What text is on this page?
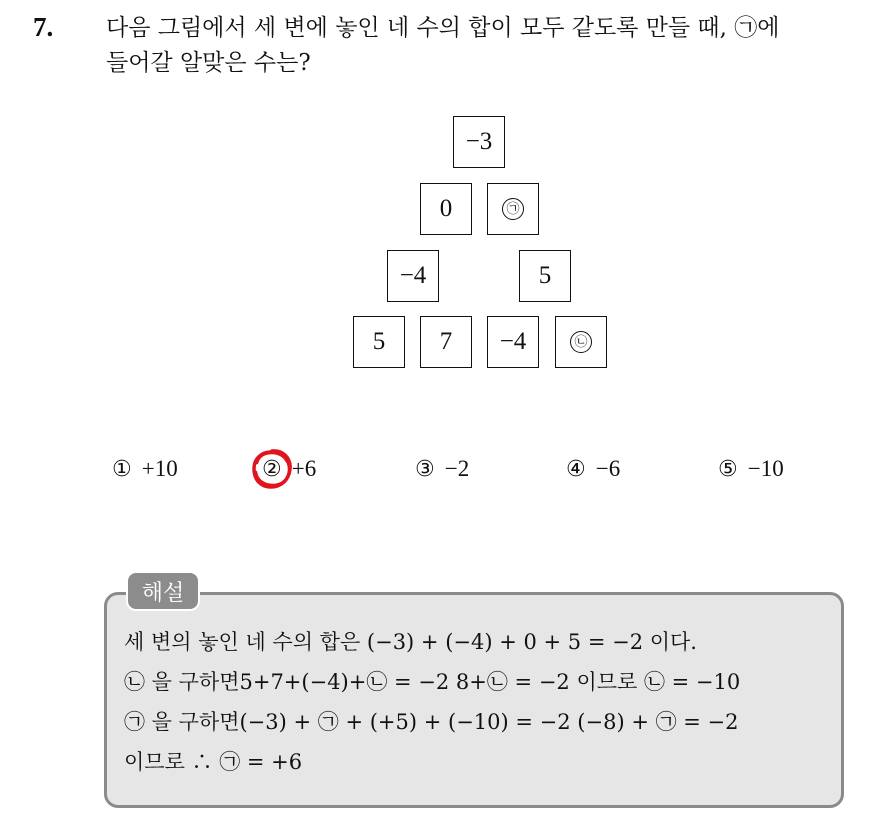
7. 다음 그림에서 세 변에 놓인 네 수의 합이 모두 같도록 만들 때, ㉠에
들어갈 알맞은 수는?
−3
0	㉠
−4	5
5	7	−4	㉡
① +10	② +6	③ −2	④ −6	⑤ −10
해설
세 변의 놓인 네 수의 합은 (−3) + (−4) + 0 + 5 = −2 이다.
㉡ 을 구하면5+7+(−4)+㉡ = −2 8+㉡ = −2 이므로 ㉡ = −10
㉠ 을 구하면(−3) + ㉠ + (+5) + (−10) = −2 (−8) + ㉠ = −2
이므로 ∴ ㉠ = +6
